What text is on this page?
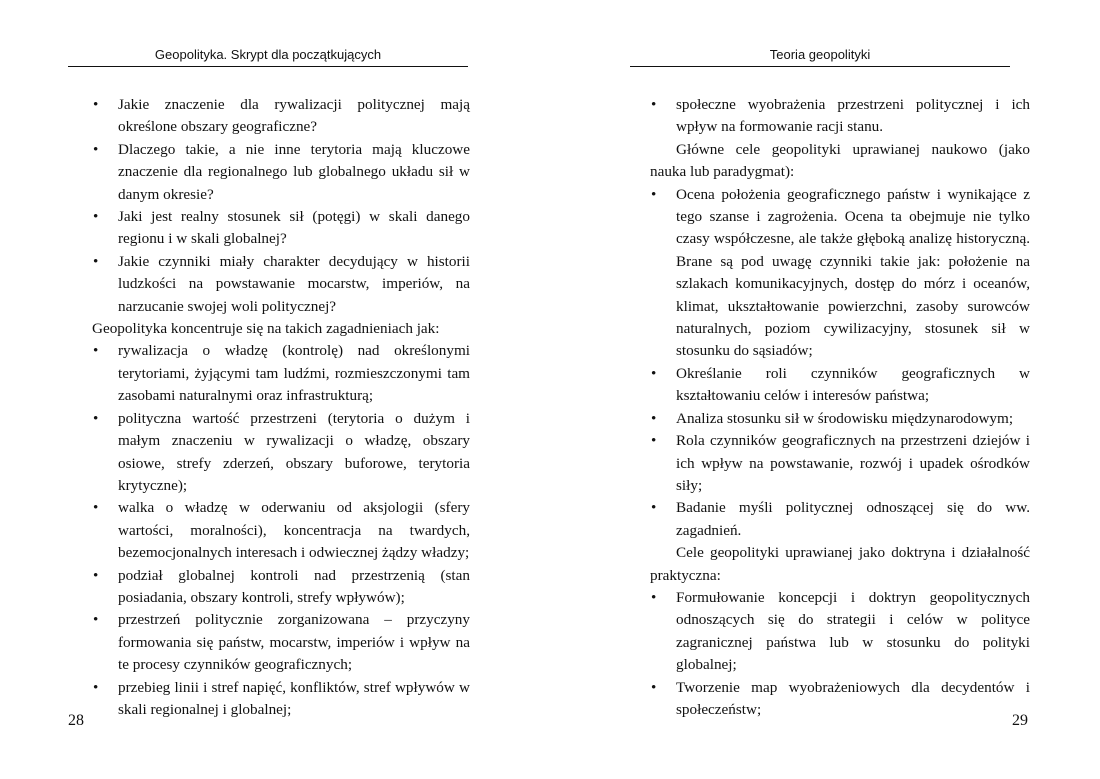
Geopolityka. Skrypt dla początkujących
•	Jakie znaczenie dla rywalizacji politycznej mają określone obszary geograficzne?
•	Dlaczego takie, a nie inne terytoria mają kluczowe znaczenie dla regionalnego lub globalnego układu sił w danym okresie?
•	Jaki jest realny stosunek sił (potęgi) w skali danego regionu i w skali globalnej?
•	Jakie czynniki miały charakter decydujący w historii ludzkości na powstawanie mocarstw, imperiów, na narzucanie swojej woli politycznej?

Geopolityka koncentruje się na takich zagadnieniach jak:

•	rywalizacja o władzę (kontrolę) nad określonymi terytoriami, żyjącymi tam ludźmi, rozmieszczonymi tam zasobami naturalnymi oraz infrastrukturą;
•	polityczna wartość przestrzeni (terytoria o dużym i małym znaczeniu w rywalizacji o władzę, obszary osiowe, strefy zderzeń, obszary buforowe, terytoria krytyczne);
•	walka o władzę w oderwaniu od aksjologii (sfery wartości, moralności), koncentracja na twardych, bezemocjonalnych interesach i odwiecznej żądzy władzy;
•	podział globalnej kontroli nad przestrzenią (stan posiadania, obszary kontroli, strefy wpływów);
•	przestrzeń politycznie zorganizowana – przyczyny formowania się państw, mocarstw, imperiów i wpływ na te procesy czynników geograficznych;
•	przebieg linii i stref napięć, konfliktów, stref wpływów w skali regionalnej i globalnej;
28
Teoria geopolityki
•	społeczne wyobrażenia przestrzeni politycznej i ich wpływ na formowanie racji stanu.

Główne cele geopolityki uprawianej naukowo (jako nauka lub paradygmat):

•	Ocena położenia geograficznego państw i wynikające z tego szanse i zagrożenia. Ocena ta obejmuje nie tylko czasy współczesne, ale także głęboką analizę historyczną. Brane są pod uwagę czynniki takie jak: położenie na szlakach komunikacyjnych, dostęp do mórz i oceanów, klimat, ukształtowanie powierzchni, zasoby surowców naturalnych, poziom cywilizacyjny, stosunek sił w stosunku do sąsiadów;
•	Określanie roli czynników geograficznych w kształtowaniu celów i interesów państwa;
•	Analiza stosunku sił w środowisku międzynarodowym;
•	Rola czynników geograficznych na przestrzeni dziejów i ich wpływ na powstawanie, rozwój i upadek ośrodków siły;
•	Badanie myśli politycznej odnoszącej się do ww. zagadnień.

Cele geopolityki uprawianej jako doktryna i działalność praktyczna:

•	Formułowanie koncepcji i doktryn geopolitycznych odnoszących się do strategii i celów w polityce zagranicznej państwa lub w stosunku do polityki globalnej;
•	Tworzenie map wyobrażeniowych dla decydentów i społeczeństw;
29
